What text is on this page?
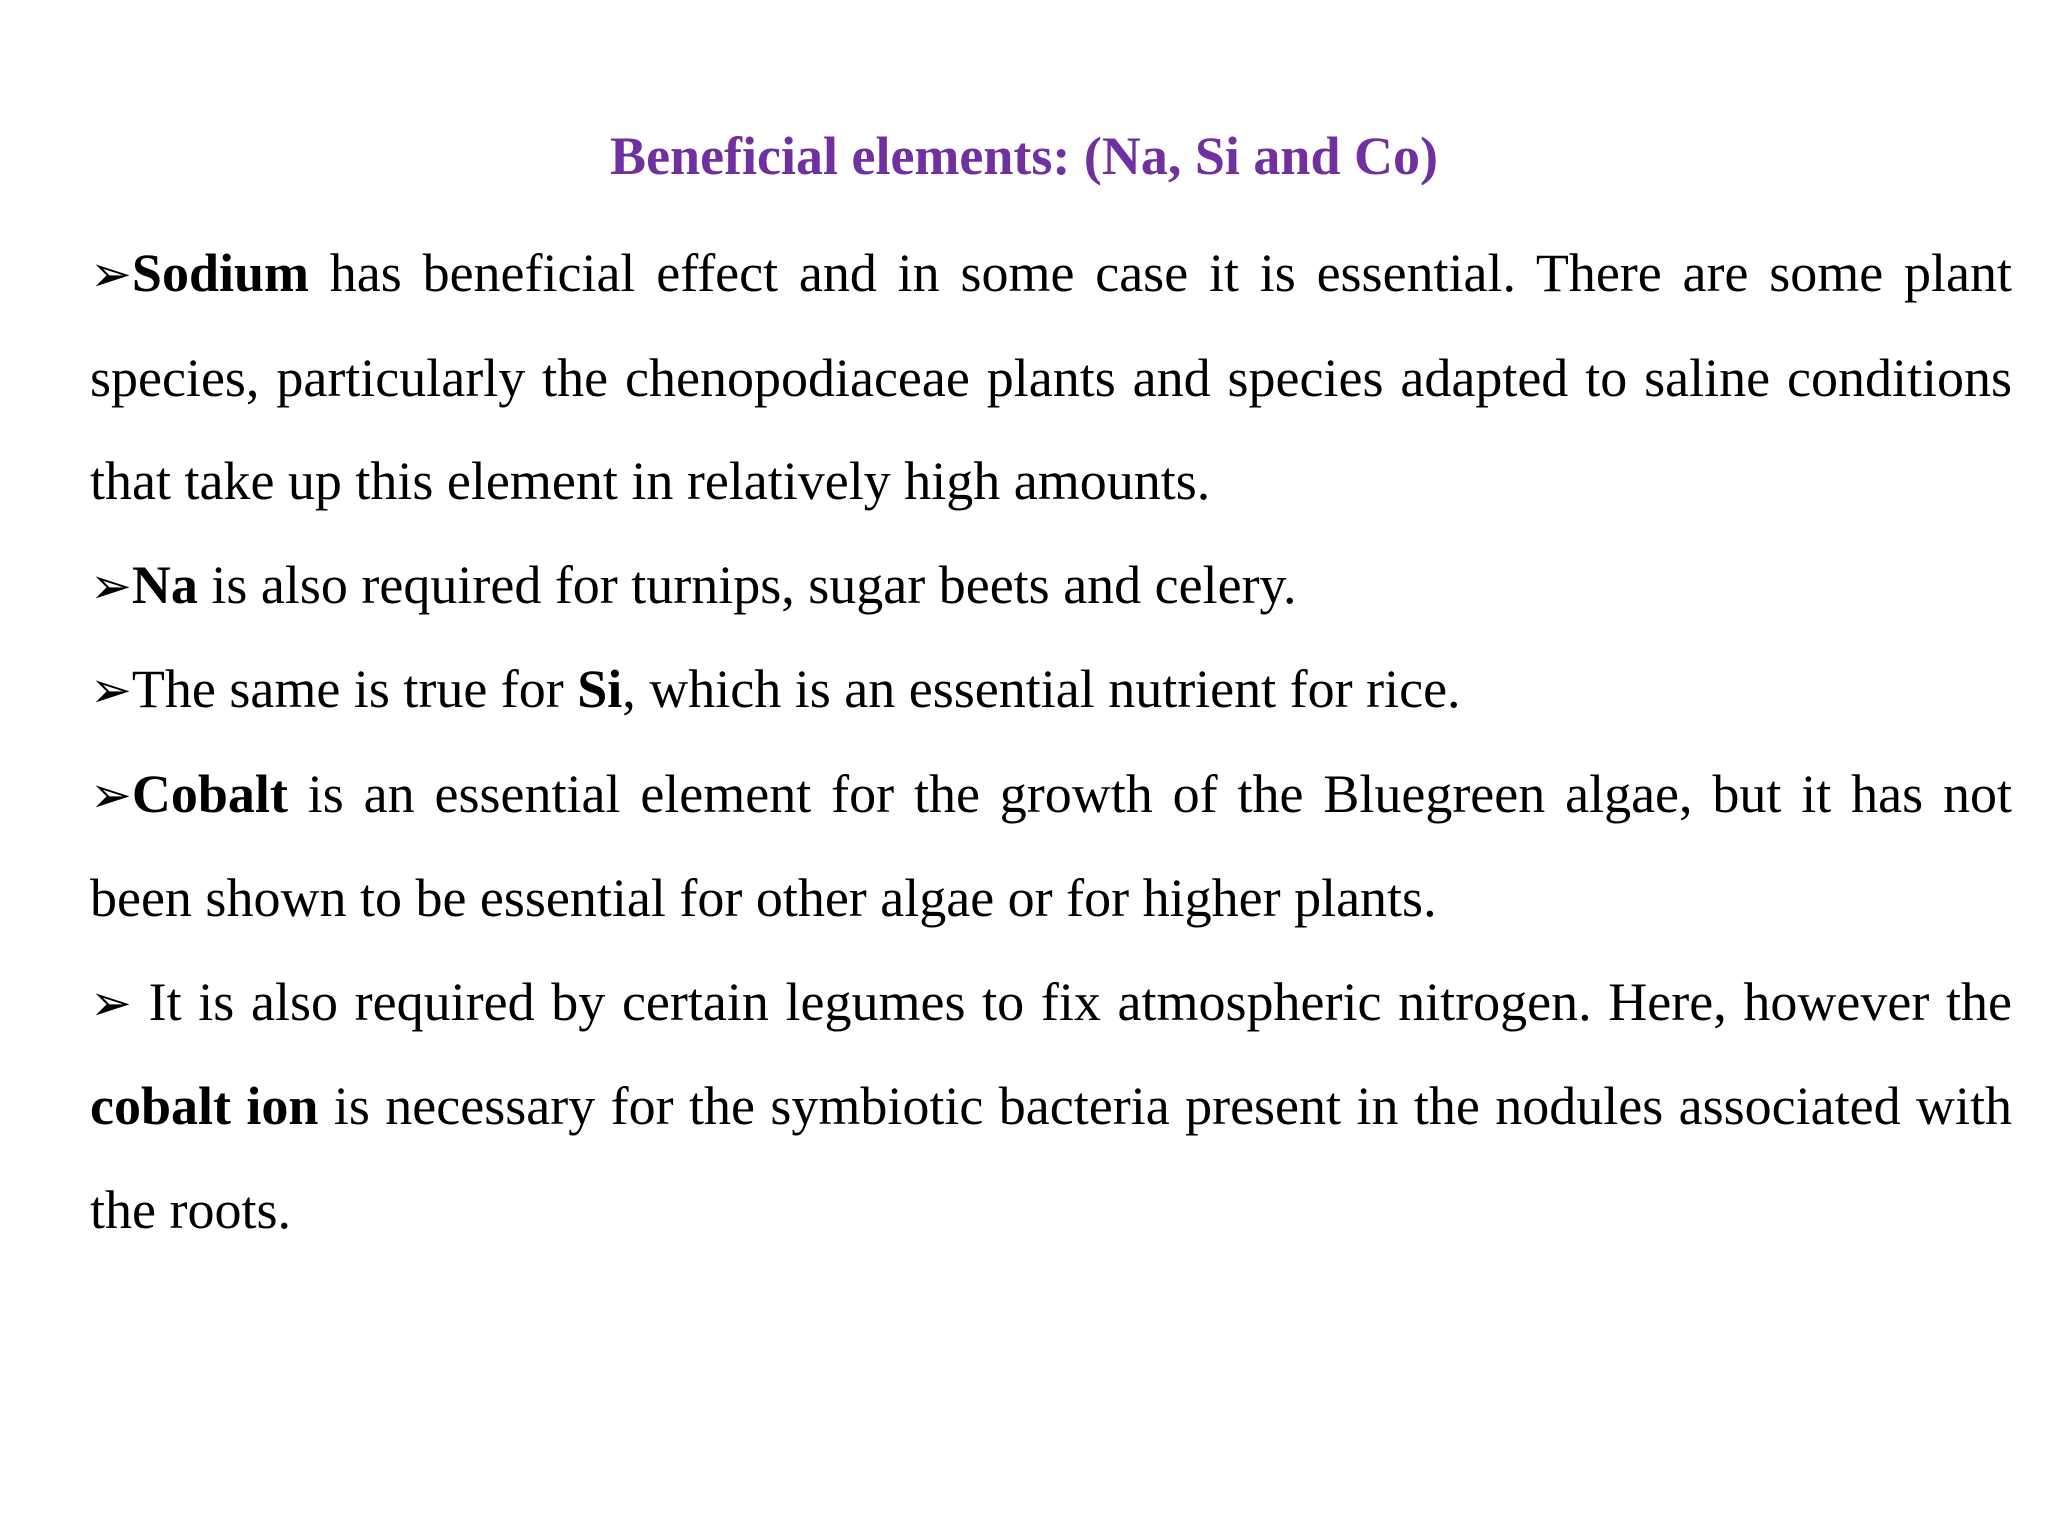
Beneficial elements: (Na, Si and Co)

➢Sodium has beneficial effect and in some case it is essential. There are some plant species, particularly the chenopodiaceae plants and species adapted to saline conditions that take up this element in relatively high amounts.

➢Na is also required for turnips, sugar beets and celery.

➢The same is true for Si, which is an essential nutrient for rice.

➢Cobalt is an essential element for the growth of the Bluegreen algae, but it has not been shown to be essential for other algae or for higher plants.

➢ It is also required by certain legumes to fix atmospheric nitrogen. Here, however the cobalt ion is necessary for the symbiotic bacteria present in the nodules associated with the roots.
